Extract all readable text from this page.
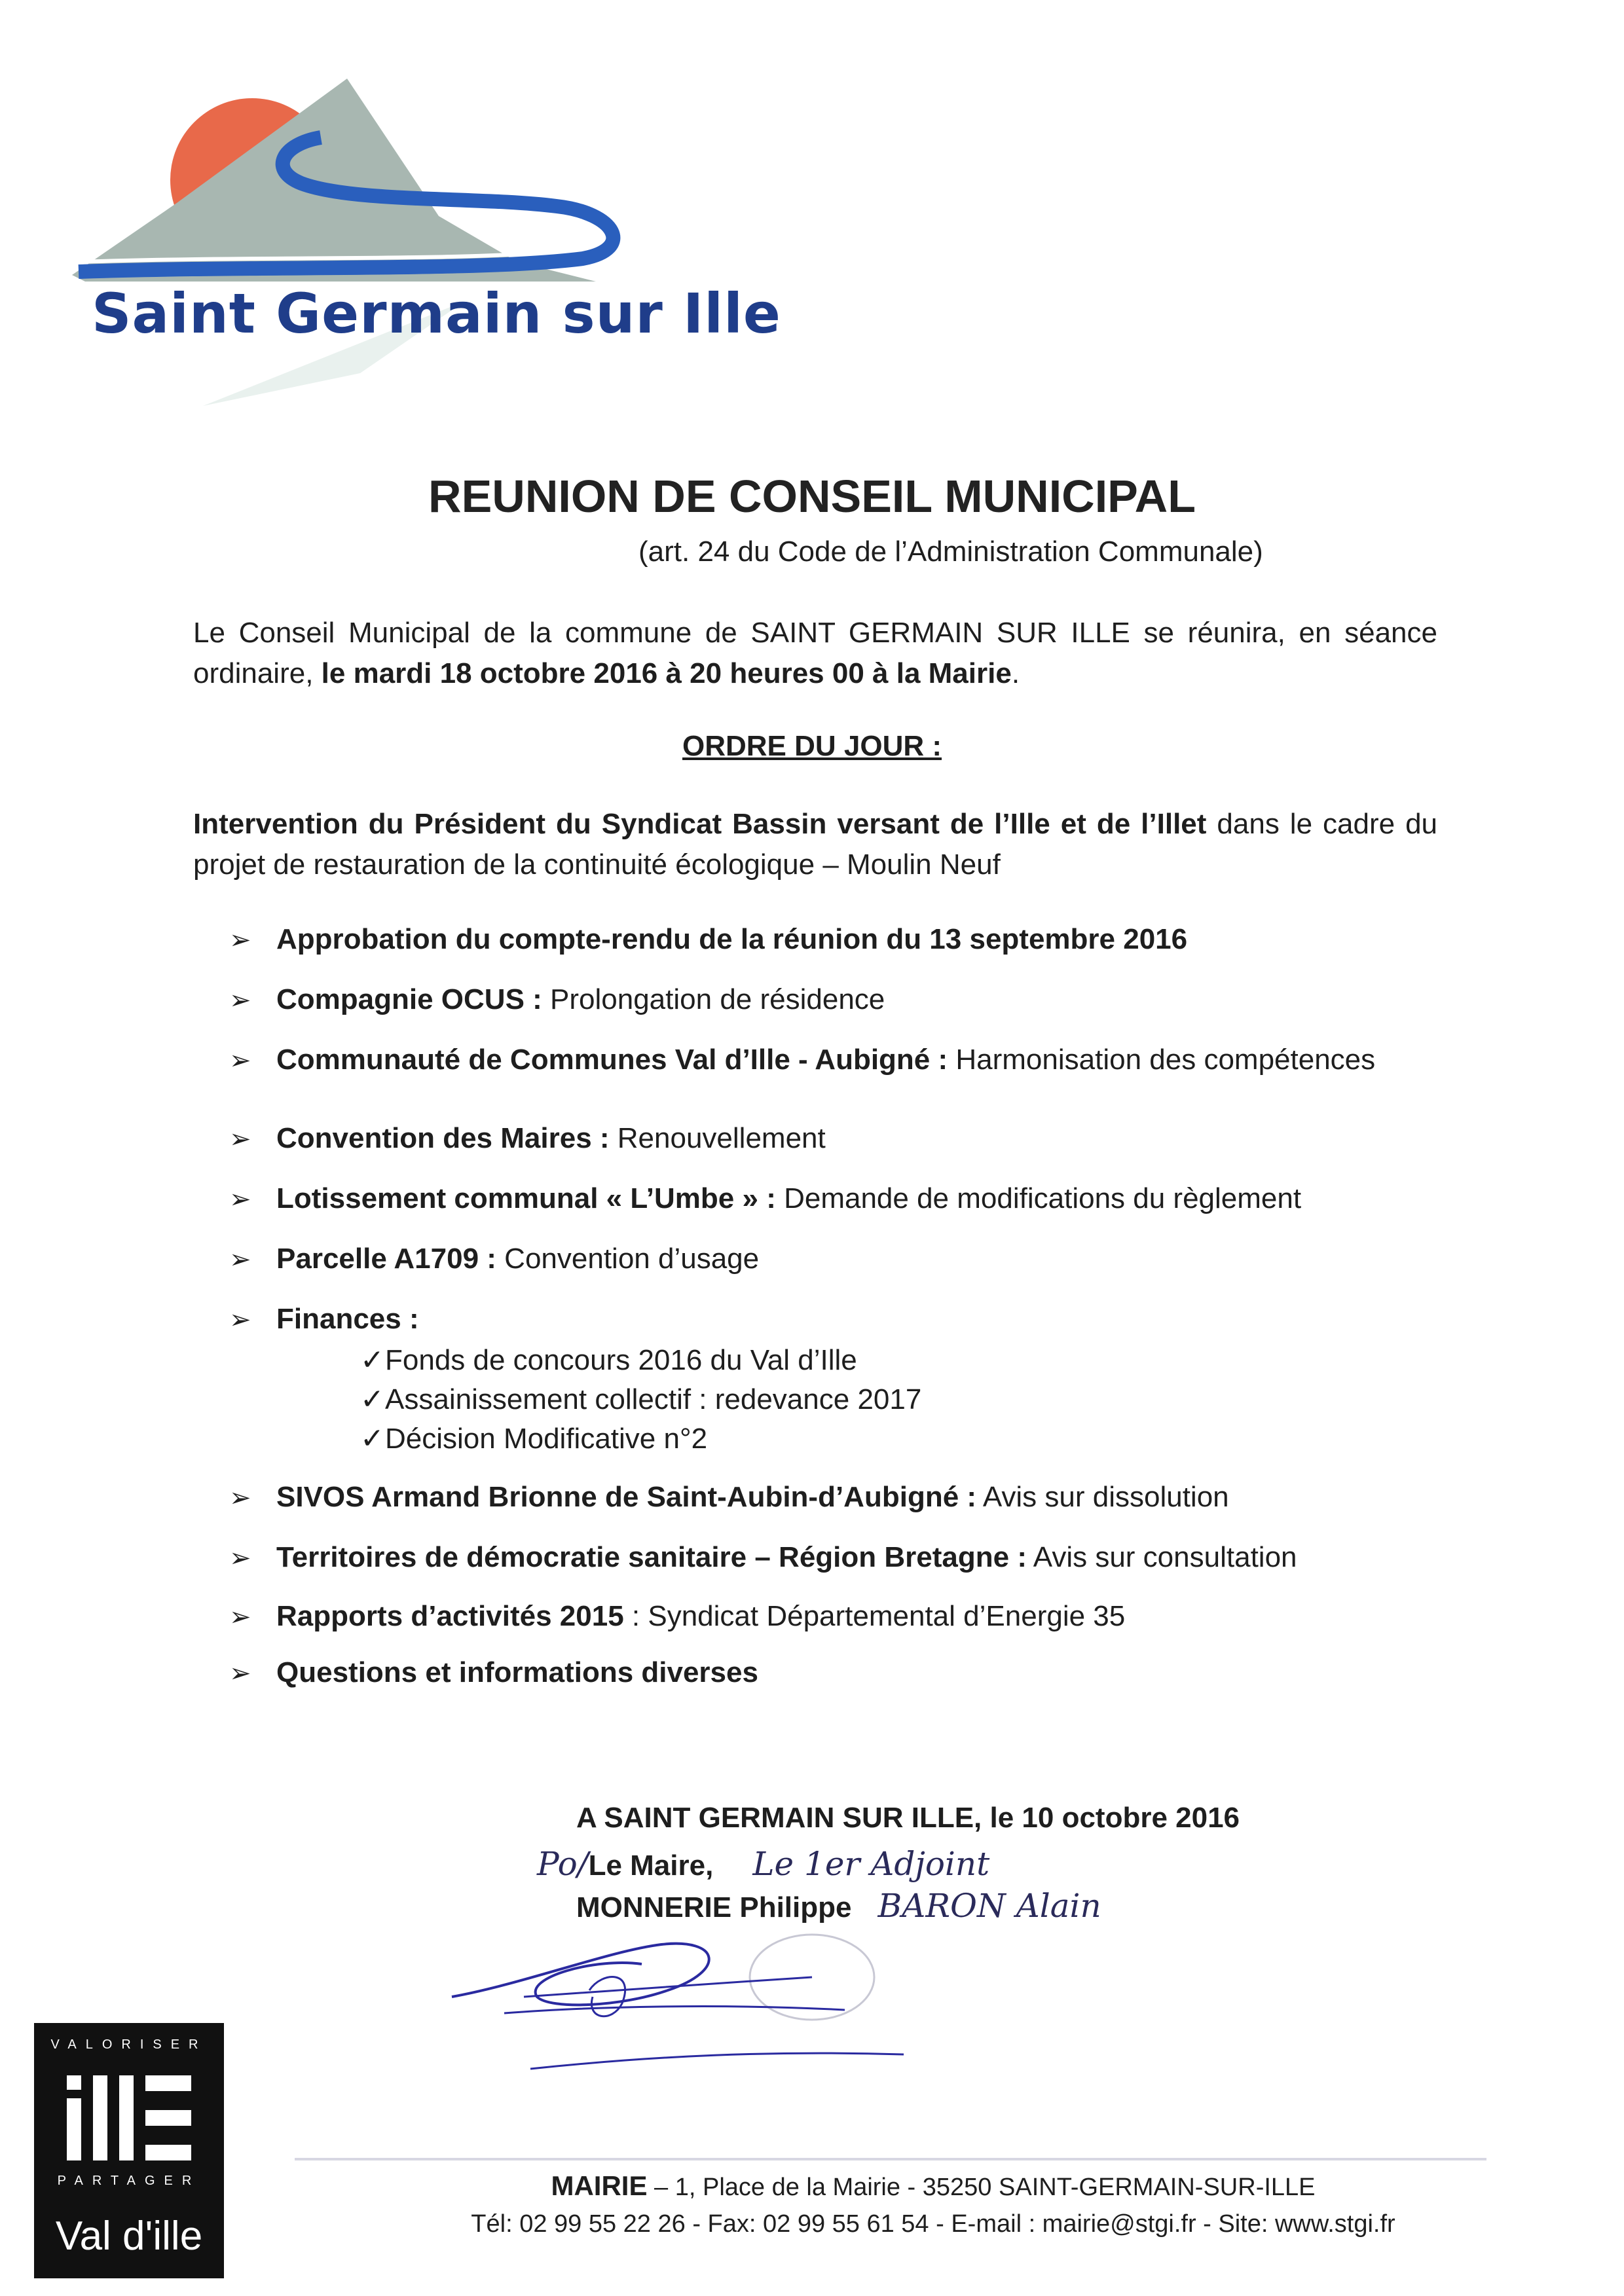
Saint Germain sur Ille
REUNION DE CONSEIL MUNICIPAL
(art. 24 du Code de l’Administration Communale)
Le Conseil Municipal de la commune de SAINT GERMAIN SUR ILLE se réunira, en séance ordinaire, le mardi 18 octobre 2016 à 20 heures 00 à la Mairie.
ORDRE DU JOUR :
Intervention du Président du Syndicat Bassin versant de l’Ille et de l’Illet dans le cadre du projet de restauration de la continuité écologique – Moulin Neuf
➢ Approbation du compte-rendu de la réunion du 13 septembre 2016
➢ Compagnie OCUS : Prolongation de résidence
➢ Communauté de Communes Val d’Ille - Aubigné : Harmonisation des compétences
➢ Convention des Maires : Renouvellement
➢ Lotissement communal « L’Umbe » : Demande de modifications du règlement
➢ Parcelle A1709 : Convention d’usage
➢ Finances :
✓Fonds de concours 2016 du Val d’Ille
✓Assainissement collectif : redevance 2017
✓Décision Modificative n°2
➢ SIVOS Armand Brionne de Saint-Aubin-d’Aubigné : Avis sur dissolution
➢ Territoires de démocratie sanitaire – Région Bretagne : Avis sur consultation
➢ Rapports d’activités 2015 : Syndicat Départemental d’Energie 35
➢ Questions et informations diverses
A SAINT GERMAIN SUR ILLE, le 10 octobre 2016
Po/Le Maire, Le 1er Adjoint
MONNERIE Philippe BARON Alain
VALORISER
PARTAGER
Val d'ille
MAIRIE – 1, Place de la Mairie - 35250 SAINT-GERMAIN-SUR-ILLE
Tél: 02 99 55 22 26 - Fax: 02 99 55 61 54 - E-mail : mairie@stgi.fr - Site: www.stgi.fr
